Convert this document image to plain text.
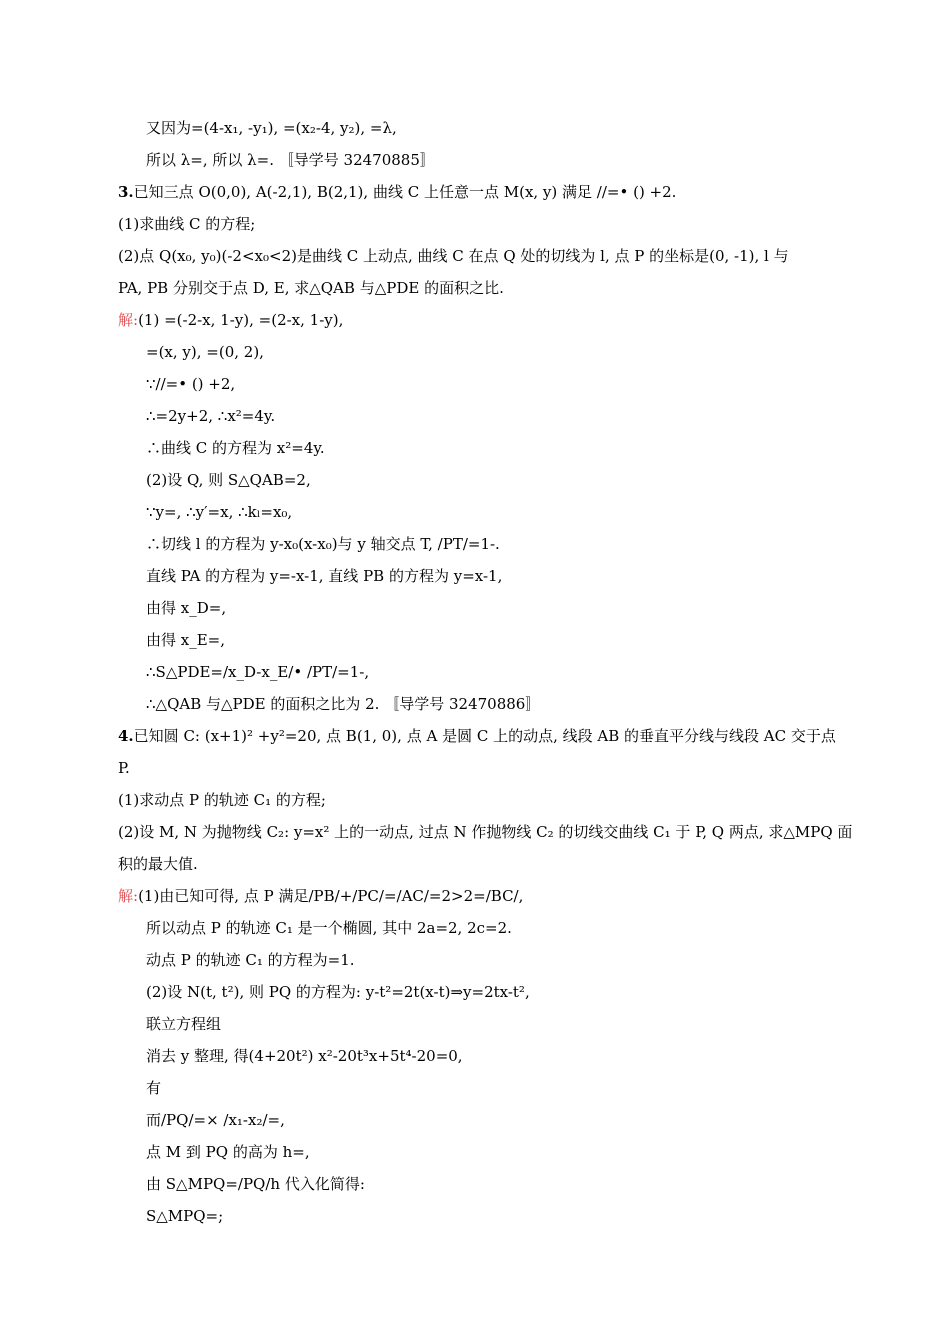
又因为=(4-x₁, -y₁), =(x₂-4, y₂), =λ,
所以 λ=, 所以 λ=. 〚导学号 32470885〛
3.已知三点 O(0,0), A(-2,1), B(2,1), 曲线 C 上任意一点 M(x, y) 满足 //=• () +2.
(1)求曲线 C 的方程;
(2)点 Q(x₀, y₀)(-2<x₀<2)是曲线 C 上动点, 曲线 C 在点 Q 处的切线为 l, 点 P 的坐标是(0, -1), l 与
PA, PB 分别交于点 D, E, 求△QAB 与△PDE 的面积之比.
解:(1) =(-2-x, 1-y), =(2-x, 1-y),
=(x, y), =(0, 2),
∵//=• () +2,
∴=2y+2, ∴x²=4y.
∴曲线 C 的方程为 x²=4y.
(2)设 Q, 则 S△QAB=2,
∵y=, ∴y′=x, ∴kₗ=x₀,
∴切线 l 的方程为 y-x₀(x-x₀)与 y 轴交点 T, /PT/=1-.
直线 PA 的方程为 y=-x-1, 直线 PB 的方程为 y=x-1,
由得 x_D=,
由得 x_E=,
∴S△PDE=/x_D-x_E/• /PT/=1-,
∴△QAB 与△PDE 的面积之比为 2. 〚导学号 32470886〛
4.已知圆 C: (x+1)² +y²=20, 点 B(1, 0), 点 A 是圆 C 上的动点, 线段 AB 的垂直平分线与线段 AC 交于点
P.
(1)求动点 P 的轨迹 C₁ 的方程;
(2)设 M, N 为抛物线 C₂: y=x² 上的一动点, 过点 N 作抛物线 C₂ 的切线交曲线 C₁ 于 P, Q 两点, 求△MPQ 面
积的最大值.
解:(1)由已知可得, 点 P 满足/PB/+/PC/=/AC/=2>2=/BC/,
所以动点 P 的轨迹 C₁ 是一个椭圆, 其中 2a=2, 2c=2.
动点 P 的轨迹 C₁ 的方程为=1.
(2)设 N(t, t²), 则 PQ 的方程为: y-t²=2t(x-t)⇒y=2tx-t²,
联立方程组
消去 y 整理, 得(4+20t²) x²-20t³x+5t⁴-20=0,
有
而/PQ/=× /x₁-x₂/=,
点 M 到 PQ 的高为 h=,
由 S△MPQ=/PQ/h 代入化简得:
S△MPQ=;
